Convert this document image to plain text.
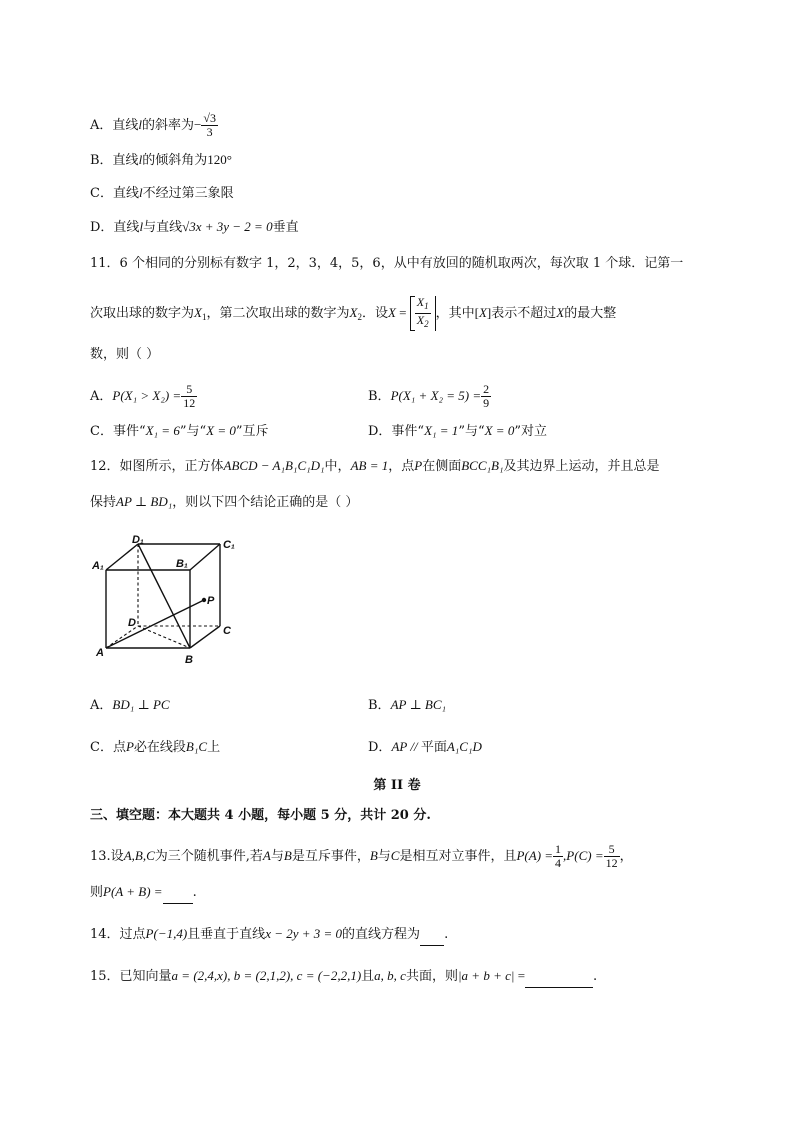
A．直线l的斜率为− $\frac{√3}{3}$
B．直线l的倾斜角为120°
C．直线l不经过第三象限
D．直线l与直线√3x + 3y − 2 = 0垂直
11．6 个相同的分别标有数字 1，2，3，4，5，6，从中有放回的随机取两次，每次取 1 个球．记第一
次取出球的数字为$X_1$，第二次取出球的数字为$X_2$．设$X = \frac{X_1}{X_2}$ ，其中[X]表示不超过X的最大整
数，则（ ）
A．$P(X_1 > X_2) = \frac{5}{12}$	B．$P(X_1 + X_2 = 5) = \frac{2}{9}$
C．事件“X₁ = 6”与“X = 0”互斥	D．事件“X₁ = 1”与“X = 0”对立
12．如图所示，正方体ABCD − A₁B₁C₁D₁中，AB = 1，点P在侧面BCC₁B₁及其边界上运动，并且总是
保持AP ⊥ BD₁，则以下四个结论正确的是（ ）
D₁	C₁
A₁	B₁
P
D
C
A
B
A．BD₁ ⊥ PC	B．AP ⊥ BC₁
C．点P必在线段B₁C上	D．AP // 平面A₁C₁D
第 II 卷
三、填空题：本大题共 4 小题，每小题 5 分，共计 20 分.
13.设A,B,C为三个随机事件,若A与B是互斥事件，B与C是相互对立事件，且$P(A) = \frac{1}{4} ,P(C) = \frac{5}{12}$ ，
则P(A + B) = .
14．过点P(−1,4)且垂直于直线x − 2y + 3 = 0的直线方程为 .
15．已知向量a = (2,4,x), b = (2,1,2), c = (−2,2,1)且a, b, c共面，则|a + b + c| =	.
